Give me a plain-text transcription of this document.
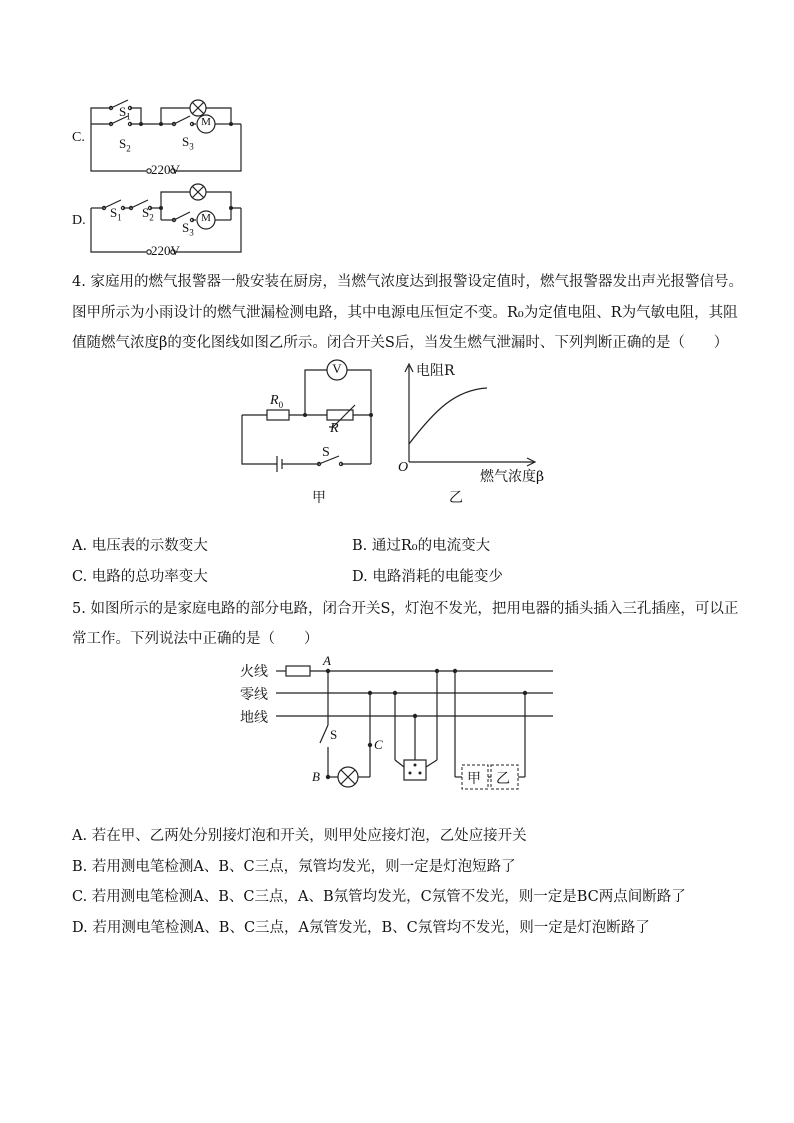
C.
$S_1$
$S_2$	$S_3$
M
220V
D.
$S_1$ $S_2$
$S_3$
M
220V
4. 家庭用的燃气报警器一般安装在厨房，当燃气浓度达到报警设定值时，燃气报警器发出声光报警信号。
图甲所示为小雨设计的燃气泄漏检测电路，其中电源电压恒定不变。R₀为定值电阻、R为气敏电阻，其阻
值随燃气浓度β的变化图线如图乙所示。闭合开关S后，当发生燃气泄漏时、下列判断正确的是（　　）
V
$R_0$
R
S
甲
电阻R
O
燃气浓度β
乙
A. 电压表的示数变大	B. 通过R₀的电流变大
C. 电路的总功率变大	D. 电路消耗的电能变少
5. 如图所示的是家庭电路的部分电路，闭合开关S，灯泡不发光，把用电器的插头插入三孔插座，可以正
常工作。下列说法中正确的是（　　）
火线
零线
地线
A
S
C
B	甲 乙
A. 若在甲、乙两处分别接灯泡和开关，则甲处应接灯泡，乙处应接开关
B. 若用测电笔检测A、B、C三点，氖管均发光，则一定是灯泡短路了
C. 若用测电笔检测A、B、C三点，A、B氖管均发光，C氖管不发光，则一定是BC两点间断路了
D. 若用测电笔检测A、B、C三点，A氖管发光，B、C氖管均不发光，则一定是灯泡断路了
